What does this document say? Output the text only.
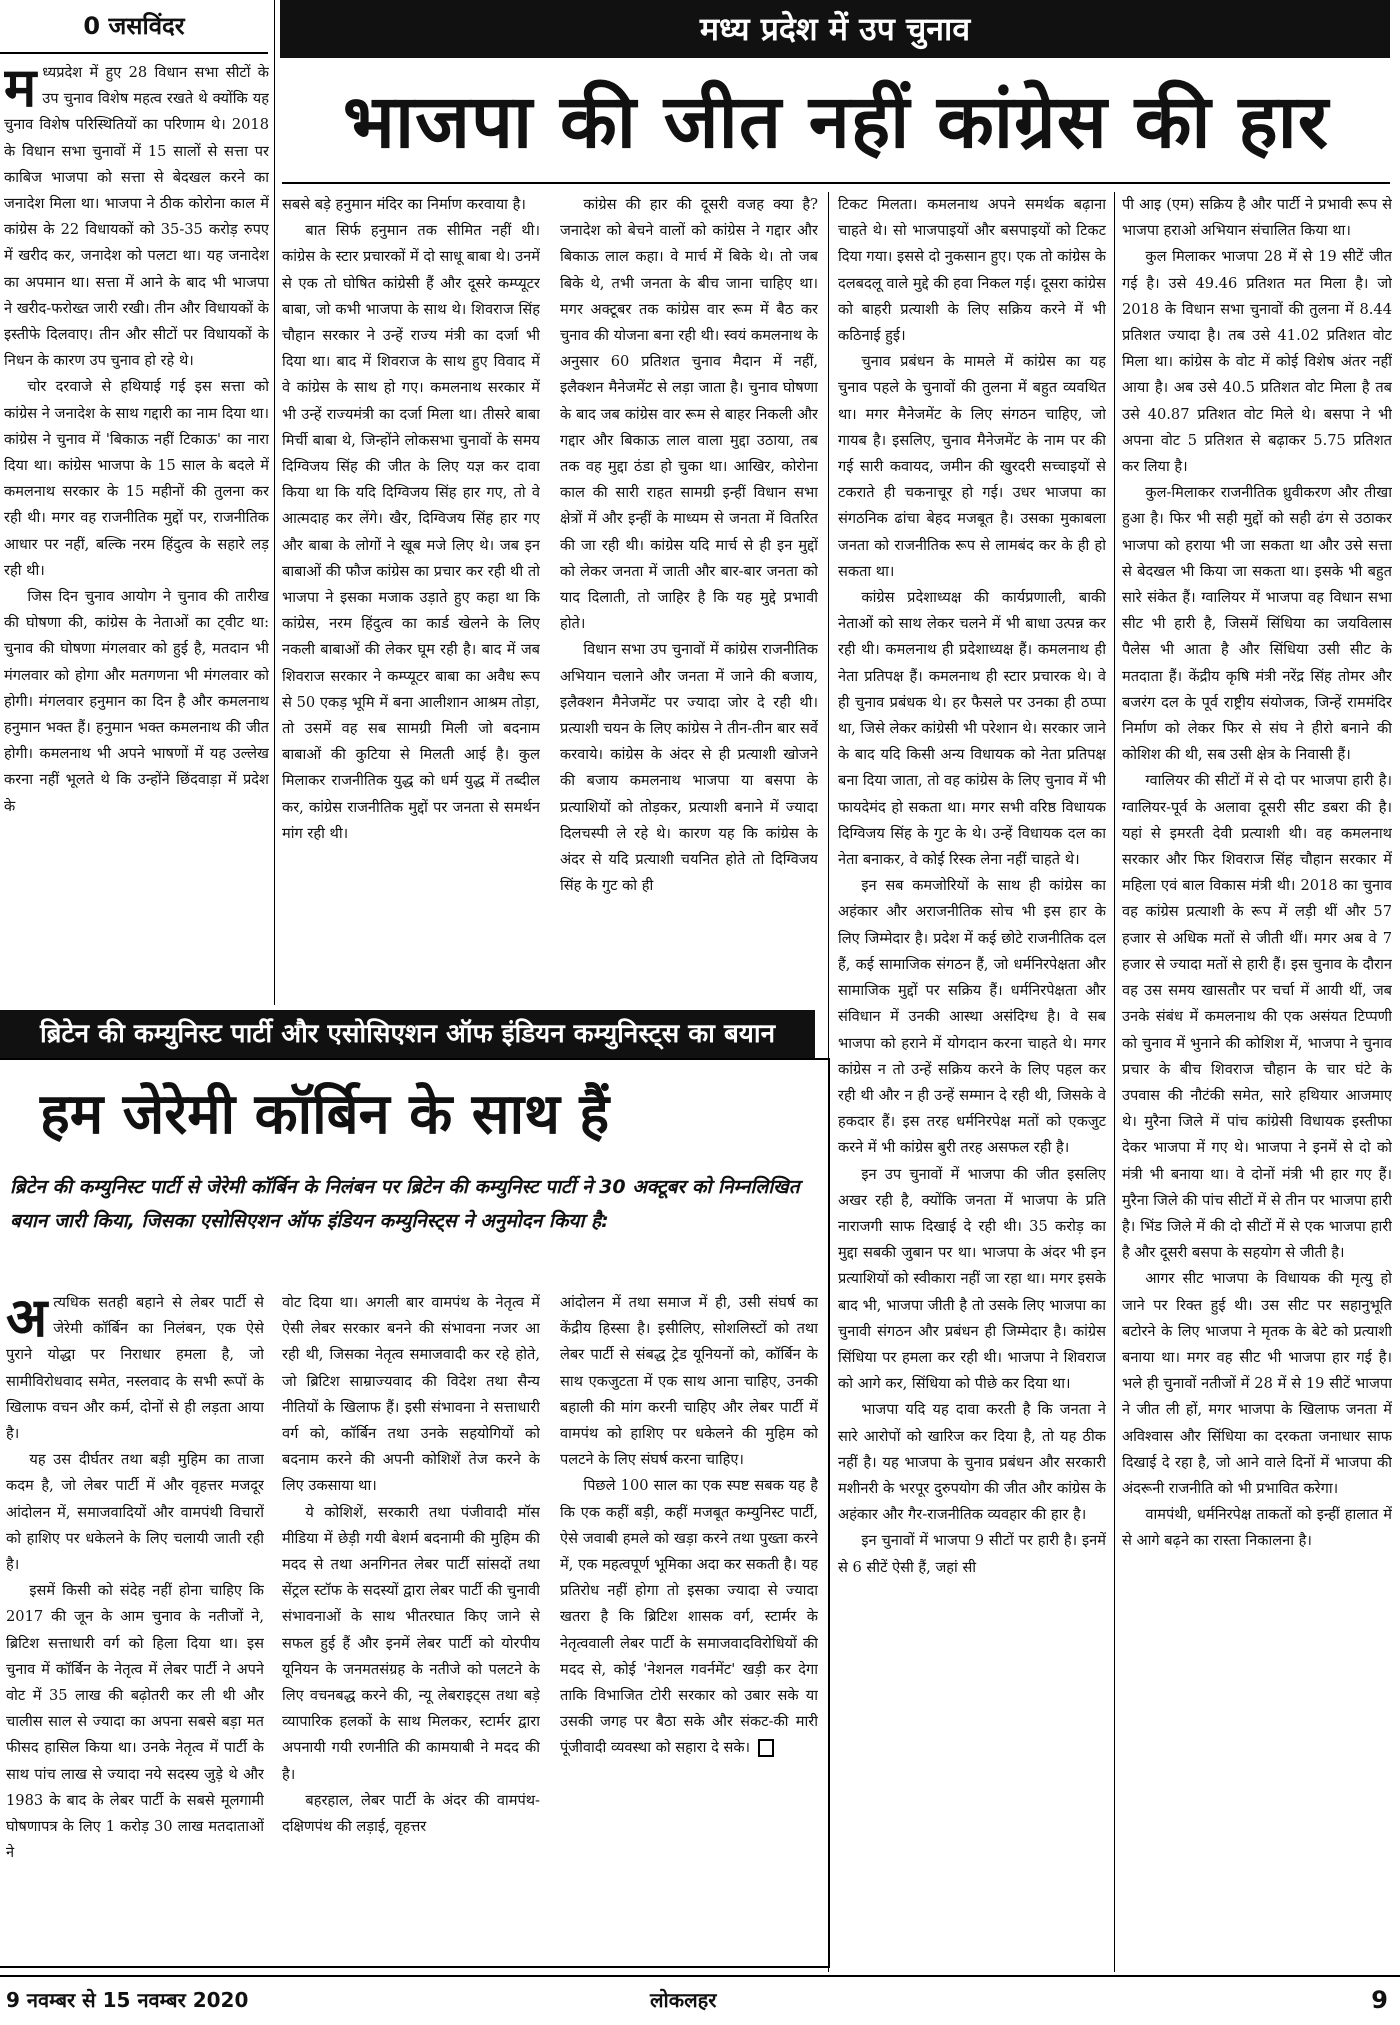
0 जसविंदर	मध्य प्रदेश में उप चुनाव
भाजपा की जीत नहीं कांग्रेस की हार
म ध्यप्रदेश में हुए 28 विधान सभा सीटों के उप चुनाव विशेष महत्व रखते थे क्योंकि यह चुनाव विशेष परिस्थितियों का परिणाम थे। 2018 के विधान सभा चुनावों में 15 सालों से सत्ता पर काबिज भाजपा को सत्ता से बेदखल करने का जनादेश मिला था। भाजपा ने ठीक कोरोना काल में कांग्रेस के 22 विधायकों को 35-35 करोड़ रुपए में खरीद कर, जनादेश को पलटा था। यह जनादेश का अपमान था। सत्ता में आने के बाद भी भाजपा ने खरीद-फरोख्त जारी रखी। तीन और विधायकों के इस्तीफे दिलवाए। तीन और सीटों पर विधायकों के निधन के कारण उप चुनाव हो रहे थे।

चोर दरवाजे से हथियाई गई इस सत्ता को कांग्रेस ने जनादेश के साथ गद्दारी का नाम दिया था। कांग्रेस ने चुनाव में 'बिकाऊ नहीं टिकाऊ' का नारा दिया था। कांग्रेस भाजपा के 15 साल के बदले में कमलनाथ सरकार के 15 महीनों की तुलना कर रही थी। मगर वह राजनीतिक मुद्दों पर, राजनीतिक आधार पर नहीं, बल्कि नरम हिंदुत्व के सहारे लड़ रही थी।

जिस दिन चुनाव आयोग ने चुनाव की तारीख की घोषणा की, कांग्रेस के नेताओं का ट्वीट था: चुनाव की घोषणा मंगलवार को हुई है, मतदान भी मंगलवार को होगा और मतगणना भी मंगलवार को होगी। मंगलवार हनुमान का दिन है और कमलनाथ हनुमान भक्त हैं। हनुमान भक्त कमलनाथ की जीत होगी। कमलनाथ भी अपने भाषणों में यह उल्लेख करना नहीं भूलते थे कि उन्होंने छिंदवाड़ा में प्रदेश के

सबसे बड़े हनुमान मंदिर का निर्माण करवाया है।

बात सिर्फ हनुमान तक सीमित नहीं थी। कांग्रेस के स्टार प्रचारकों में दो साधू बाबा थे। उनमें से एक तो घोषित कांग्रेसी हैं और दूसरे कम्प्यूटर बाबा, जो कभी भाजपा के साथ थे। शिवराज सिंह चौहान सरकार ने उन्हें राज्य मंत्री का दर्जा भी दिया था। बाद में शिवराज के साथ हुए विवाद में वे कांग्रेस के साथ हो गए। कमलनाथ सरकार में भी उन्हें राज्यमंत्री का दर्जा मिला था। तीसरे बाबा मिर्ची बाबा थे, जिन्होंने लोकसभा चुनावों के समय दिग्विजय सिंह की जीत के लिए यज्ञ कर दावा किया था कि यदि दिग्विजय सिंह हार गए, तो वे आत्मदाह कर लेंगे। खैर, दिग्विजय सिंह हार गए और बाबा के लोगों ने खूब मजे लिए थे। जब इन बाबाओं की फौज कांग्रेस का प्रचार कर रही थी तो भाजपा ने इसका मजाक उड़ाते हुए कहा था कि कांग्रेस, नरम हिंदुत्व का कार्ड खेलने के लिए नकली बाबाओं की लेकर घूम रही है। बाद में जब शिवराज सरकार ने कम्प्यूटर बाबा का अवैध रूप से 50 एकड़ भूमि में बना आलीशान आश्रम तोड़ा, तो उसमें वह सब सामग्री मिली जो बदनाम बाबाओं की कुटिया से मिलती आई है। कुल मिलाकर राजनीतिक युद्ध को धर्म युद्ध में तब्दील कर, कांग्रेस राजनीतिक मुद्दों पर जनता से समर्थन मांग रही थी।

कांग्रेस की हार की दूसरी वजह क्या है? जनादेश को बेचने वालों को कांग्रेस ने गद्दार और बिकाऊ लाल कहा। वे मार्च में बिके थे। तो जब बिके थे, तभी जनता के बीच जाना चाहिए था। मगर अक्टूबर तक कांग्रेस वार रूम में बैठ कर चुनाव की योजना बना रही थी। स्वयं कमलनाथ के अनुसार 60 प्रतिशत चुनाव मैदान में नहीं, इलैक्शन मैनेजमेंट से लड़ा जाता है। चुनाव घोषणा के बाद जब कांग्रेस वार रूम से बाहर निकली और गद्दार और बिकाऊ लाल वाला मुद्दा उठाया, तब तक वह मुद्दा ठंडा हो चुका था। आखिर, कोरोना काल की सारी राहत सामग्री इन्हीं विधान सभा क्षेत्रों में और इन्हीं के माध्यम से जनता में वितरित की जा रही थी। कांग्रेस यदि मार्च से ही इन मुद्दों को लेकर जनता में जाती और बार-बार जनता को याद दिलाती, तो जाहिर है कि यह मुद्दे प्रभावी होते।

विधान सभा उप चुनावों में कांग्रेस राजनीतिक अभियान चलाने और जनता में जाने की बजाय, इलैक्शन मैनेजमेंट पर ज्यादा जोर दे रही थी। प्रत्याशी चयन के लिए कांग्रेस ने तीन-तीन बार सर्वे करवाये। कांग्रेस के अंदर से ही प्रत्याशी खोजने की बजाय कमलनाथ भाजपा या बसपा के प्रत्याशियों को तोड़कर, प्रत्याशी बनाने में ज्यादा दिलचस्पी ले रहे थे। कारण यह कि कांग्रेस के अंदर से यदि प्रत्याशी चयनित होते तो दिग्विजय सिंह के गुट को ही

टिकट मिलता। कमलनाथ अपने समर्थक बढ़ाना चाहते थे। सो भाजपाइयों और बसपाइयों को टिकट दिया गया। इससे दो नुकसान हुए। एक तो कांग्रेस के दलबदलू वाले मुद्दे की हवा निकल गई। दूसरा कांग्रेस को बाहरी प्रत्याशी के लिए सक्रिय करने में भी कठिनाई हुई।

चुनाव प्रबंधन के मामले में कांग्रेस का यह चुनाव पहले के चुनावों की तुलना में बहुत व्यवथित था। मगर मैनेजमेंट के लिए संगठन चाहिए, जो गायब है। इसलिए, चुनाव मैनेजमेंट के नाम पर की गई सारी कवायद, जमीन की खुरदरी सच्चाइयों से टकराते ही चकनाचूर हो गई। उधर भाजपा का संगठनिक ढांचा बेहद मजबूत है। उसका मुकाबला जनता को राजनीतिक रूप से लामबंद कर के ही हो सकता था।

कांग्रेस प्रदेशाध्यक्ष की कार्यप्रणाली, बाकी नेताओं को साथ लेकर चलने में भी बाधा उत्पन्न कर रही थी। कमलनाथ ही प्रदेशाध्यक्ष हैं। कमलनाथ ही नेता प्रतिपक्ष हैं। कमलनाथ ही स्टार प्रचारक थे। वे ही चुनाव प्रबंधक थे। हर फैसले पर उनका ही ठप्पा था, जिसे लेकर कांग्रेसी भी परेशान थे। सरकार जाने के बाद यदि किसी अन्य विधायक को नेता प्रतिपक्ष बना दिया जाता, तो वह कांग्रेस के लिए चुनाव में भी फायदेमंद हो सकता था। मगर सभी वरिष्ठ विधायक दिग्विजय सिंह के गुट के थे। उन्हें विधायक दल का नेता बनाकर, वे कोई रिस्क लेना नहीं चाहते थे।

इन सब कमजोरियों के साथ ही कांग्रेस का अहंकार और अराजनीतिक सोच भी इस हार के लिए जिम्मेदार है। प्रदेश में कई छोटे राजनीतिक दल हैं, कई सामाजिक संगठन हैं, जो धर्मनिरपेक्षता और सामाजिक मुद्दों पर सक्रिय हैं। धर्मनिरपेक्षता और संविधान में उनकी आस्था असंदिग्ध है। वे सब भाजपा को हराने में योगदान करना चाहते थे। मगर कांग्रेस न तो उन्हें सक्रिय करने के लिए पहल कर रही थी और न ही उन्हें सम्मान दे रही थी, जिसके वे हकदार हैं। इस तरह धर्मनिरपेक्ष मतों को एकजुट करने में भी कांग्रेस बुरी तरह असफल रही है।

इन उप चुनावों में भाजपा की जीत इसलिए अखर रही है, क्योंकि जनता में भाजपा के प्रति नाराजगी साफ दिखाई दे रही थी। 35 करोड़ का मुद्दा सबकी जुबान पर था। भाजपा के अंदर भी इन प्रत्याशियों को स्वीकारा नहीं जा रहा था। मगर इसके बाद भी, भाजपा जीती है तो उसके लिए भाजपा का चुनावी संगठन और प्रबंधन ही जिम्मेदार है। कांग्रेस सिंधिया पर हमला कर रही थी। भाजपा ने शिवराज को आगे कर, सिंधिया को पीछे कर दिया था।

भाजपा यदि यह दावा करती है कि जनता ने सारे आरोपों को खारिज कर दिया है, तो यह ठीक नहीं है। यह भाजपा के चुनाव प्रबंधन और सरकारी मशीनरी के भरपूर दुरुपयोग की जीत और कांग्रेस के अहंकार और गैर-राजनीतिक व्यवहार की हार है।

इन चुनावों में भाजपा 9 सीटों पर हारी है। इनमें से 6 सीटें ऐसी हैं, जहां सी

पी आइ (एम) सक्रिय है और पार्टी ने प्रभावी रूप से भाजपा हराओ अभियान संचालित किया था।

कुल मिलाकर भाजपा 28 में से 19 सीटें जीत गई है। उसे 49.46 प्रतिशत मत मिला है। जो 2018 के विधान सभा चुनावों की तुलना में 8.44 प्रतिशत ज्यादा है। तब उसे 41.02 प्रतिशत वोट मिला था। कांग्रेस के वोट में कोई विशेष अंतर नहीं आया है। अब उसे 40.5 प्रतिशत वोट मिला है तब उसे 40.87 प्रतिशत वोट मिले थे। बसपा ने भी अपना वोट 5 प्रतिशत से बढ़ाकर 5.75 प्रतिशत कर लिया है।

कुल-मिलाकर राजनीतिक ध्रुवीकरण और तीखा हुआ है। फिर भी सही मुद्दों को सही ढंग से उठाकर भाजपा को हराया भी जा सकता था और उसे सत्ता से बेदखल भी किया जा सकता था। इसके भी बहुत सारे संकेत हैं। ग्वालियर में भाजपा वह विधान सभा सीट भी हारी है, जिसमें सिंधिया का जयविलास पैलेस भी आता है और सिंधिया उसी सीट के मतदाता हैं। केंद्रीय कृषि मंत्री नरेंद्र सिंह तोमर और बजरंग दल के पूर्व राष्ट्रीय संयोजक, जिन्हें राममंदिर निर्माण को लेकर फिर से संघ ने हीरो बनाने की कोशिश की थी, सब उसी क्षेत्र के निवासी हैं।

ग्वालियर की सीटों में से दो पर भाजपा हारी है। ग्वालियर-पूर्व के अलावा दूसरी सीट डबरा की है। यहां से इमरती देवी प्रत्याशी थी। वह कमलनाथ सरकार और फिर शिवराज सिंह चौहान सरकार में महिला एवं बाल विकास मंत्री थी। 2018 का चुनाव वह कांग्रेस प्रत्याशी के रूप में लड़ी थीं और 57 हजार से अधिक मतों से जीती थीं। मगर अब वे 7 हजार से ज्यादा मतों से हारी हैं। इस चुनाव के दौरान वह उस समय खासतौर पर चर्चा में आयी थीं, जब उनके संबंध में कमलनाथ की एक असंयत टिप्पणी को चुनाव में भुनाने की कोशिश में, भाजपा ने चुनाव प्रचार के बीच शिवराज चौहान के चार घंटे के उपवास की नौटंकी समेत, सारे हथियार आजमाए थे। मुरैना जिले में पांच कांग्रेसी विधायक इस्तीफा देकर भाजपा में गए थे। भाजपा ने इनमें से दो को मंत्री भी बनाया था। वे दोनों मंत्री भी हार गए हैं। मुरैना जिले की पांच सीटों में से तीन पर भाजपा हारी है। भिंड जिले में की दो सीटों में से एक भाजपा हारी है और दूसरी बसपा के सहयोग से जीती है।

आगर सीट भाजपा के विधायक की मृत्यु हो जाने पर रिक्त हुई थी। उस सीट पर सहानुभूति बटोरने के लिए भाजपा ने मृतक के बेटे को प्रत्याशी बनाया था। मगर वह सीट भी भाजपा हार गई है। भले ही चुनावों नतीजों में 28 में से 19 सीटें भाजपा ने जीत ली हों, मगर भाजपा के खिलाफ जनता में अविश्वास और सिंधिया का दरकता जनाधार साफ दिखाई दे रहा है, जो आने वाले दिनों में भाजपा की अंदरूनी राजनीति को भी प्रभावित करेगा।

वामपंथी, धर्मनिरपेक्ष ताकतों को इन्हीं हालात में से आगे बढ़ने का रास्ता निकालना है।

ब्रिटेन की कम्युनिस्ट पार्टी और एसोसिएशन ऑफ इंडियन कम्युनिस्ट्स का बयान
हम जेरेमी कॉर्बिन के साथ हैं
ब्रिटेन की कम्युनिस्ट पार्टी से जेरेमी कॉर्बिन के निलंबन पर ब्रिटेन की कम्युनिस्ट पार्टी ने 30 अक्टूबर को निम्नलिखित बयान जारी किया, जिसका एसोसिएशन ऑफ इंडियन कम्युनिस्ट्स ने अनुमोदन किया है:
अ त्यधिक सतही बहाने से लेबर पार्टी से जेरेमी कॉर्बिन का निलंबन, एक ऐसे पुराने योद्धा पर निराधार हमला है, जो सामीविरोधवाद समेत, नस्लवाद के सभी रूपों के खिलाफ वचन और कर्म, दोनों से ही लड़ता आया है।

यह उस दीर्घतर तथा बड़ी मुहिम का ताजा कदम है, जो लेबर पार्टी में और वृहत्तर मजदूर आंदोलन में, समाजवादियों और वामपंथी विचारों को हाशिए पर धकेलने के लिए चलायी जाती रही है।

इसमें किसी को संदेह नहीं होना चाहिए कि 2017 की जून के आम चुनाव के नतीजों ने, ब्रिटिश सत्ताधारी वर्ग को हिला दिया था। इस चुनाव में कॉर्बिन के नेतृत्व में लेबर पार्टी ने अपने वोट में 35 लाख की बढ़ोतरी कर ली थी और चालीस साल से ज्यादा का अपना सबसे बड़ा मत फीसद हासिल किया था। उनके नेतृत्व में पार्टी के साथ पांच लाख से ज्यादा नये सदस्य जुड़े थे और 1983 के बाद के लेबर पार्टी के सबसे मूलगामी घोषणापत्र के लिए 1 करोड़ 30 लाख मतदाताओं ने

वोट दिया था। अगली बार वामपंथ के नेतृत्व में ऐसी लेबर सरकार बनने की संभावना नजर आ रही थी, जिसका नेतृत्व समाजवादी कर रहे होते, जो ब्रिटिश साम्राज्यवाद की विदेश तथा सैन्य नीतियों के खिलाफ हैं। इसी संभावना ने सत्ताधारी वर्ग को, कॉर्बिन तथा उनके सहयोगियों को बदनाम करने की अपनी कोशिशें तेज करने के लिए उकसाया था।

ये कोशिशें, सरकारी तथा पंजीवादी मॉस मीडिया में छेड़ी गयी बेशर्म बदनामी की मुहिम की मदद से तथा अनगिनत लेबर पार्टी सांसदों तथा सेंट्रल स्टॉफ के सदस्यों द्वारा लेबर पार्टी की चुनावी संभावनाओं के साथ भीतरघात किए जाने से सफल हुई हैं और इनमें लेबर पार्टी को योरपीय यूनियन के जनमतसंग्रह के नतीजे को पलटने के लिए वचनबद्ध करने की, न्यू लेबराइट्स तथा बड़े व्यापारिक हलकों के साथ मिलकर, स्टार्मर द्वारा अपनायी गयी रणनीति की कामयाबी ने मदद की है।

बहरहाल, लेबर पार्टी के अंदर की वामपंथ-दक्षिणपंथ की लड़ाई, वृहत्तर

आंदोलन में तथा समाज में ही, उसी संघर्ष का केंद्रीय हिस्सा है। इसीलिए, सोशलिस्टों को तथा लेबर पार्टी से संबद्ध ट्रेड यूनियनों को, कॉर्बिन के साथ एकजुटता में एक साथ आना चाहिए, उनकी बहाली की मांग करनी चाहिए और लेबर पार्टी में वामपंथ को हाशिए पर धकेलने की मुहिम को पलटने के लिए संघर्ष करना चाहिए।

पिछले 100 साल का एक स्पष्ट सबक यह है कि एक कहीं बड़ी, कहीं मजबूत कम्युनिस्ट पार्टी, ऐसे जवाबी हमले को खड़ा करने तथा पुख्ता करने में, एक महत्वपूर्ण भूमिका अदा कर सकती है। यह प्रतिरोध नहीं होगा तो इसका ज्यादा से ज्यादा खतरा है कि ब्रिटिश शासक वर्ग, स्टार्मर के नेतृत्ववाली लेबर पार्टी के समाजवादविरोधियों की मदद से, कोई 'नेशनल गवर्नमेंट' खड़ी कर देगा ताकि विभाजित टोरी सरकार को उबार सके या उसकी जगह पर बैठा सके और संकट-की मारी पूंजीवादी व्यवस्था को सहारा दे सके।

9 नवम्बर से 15 नवम्बर 2020	लोकलहर	9
